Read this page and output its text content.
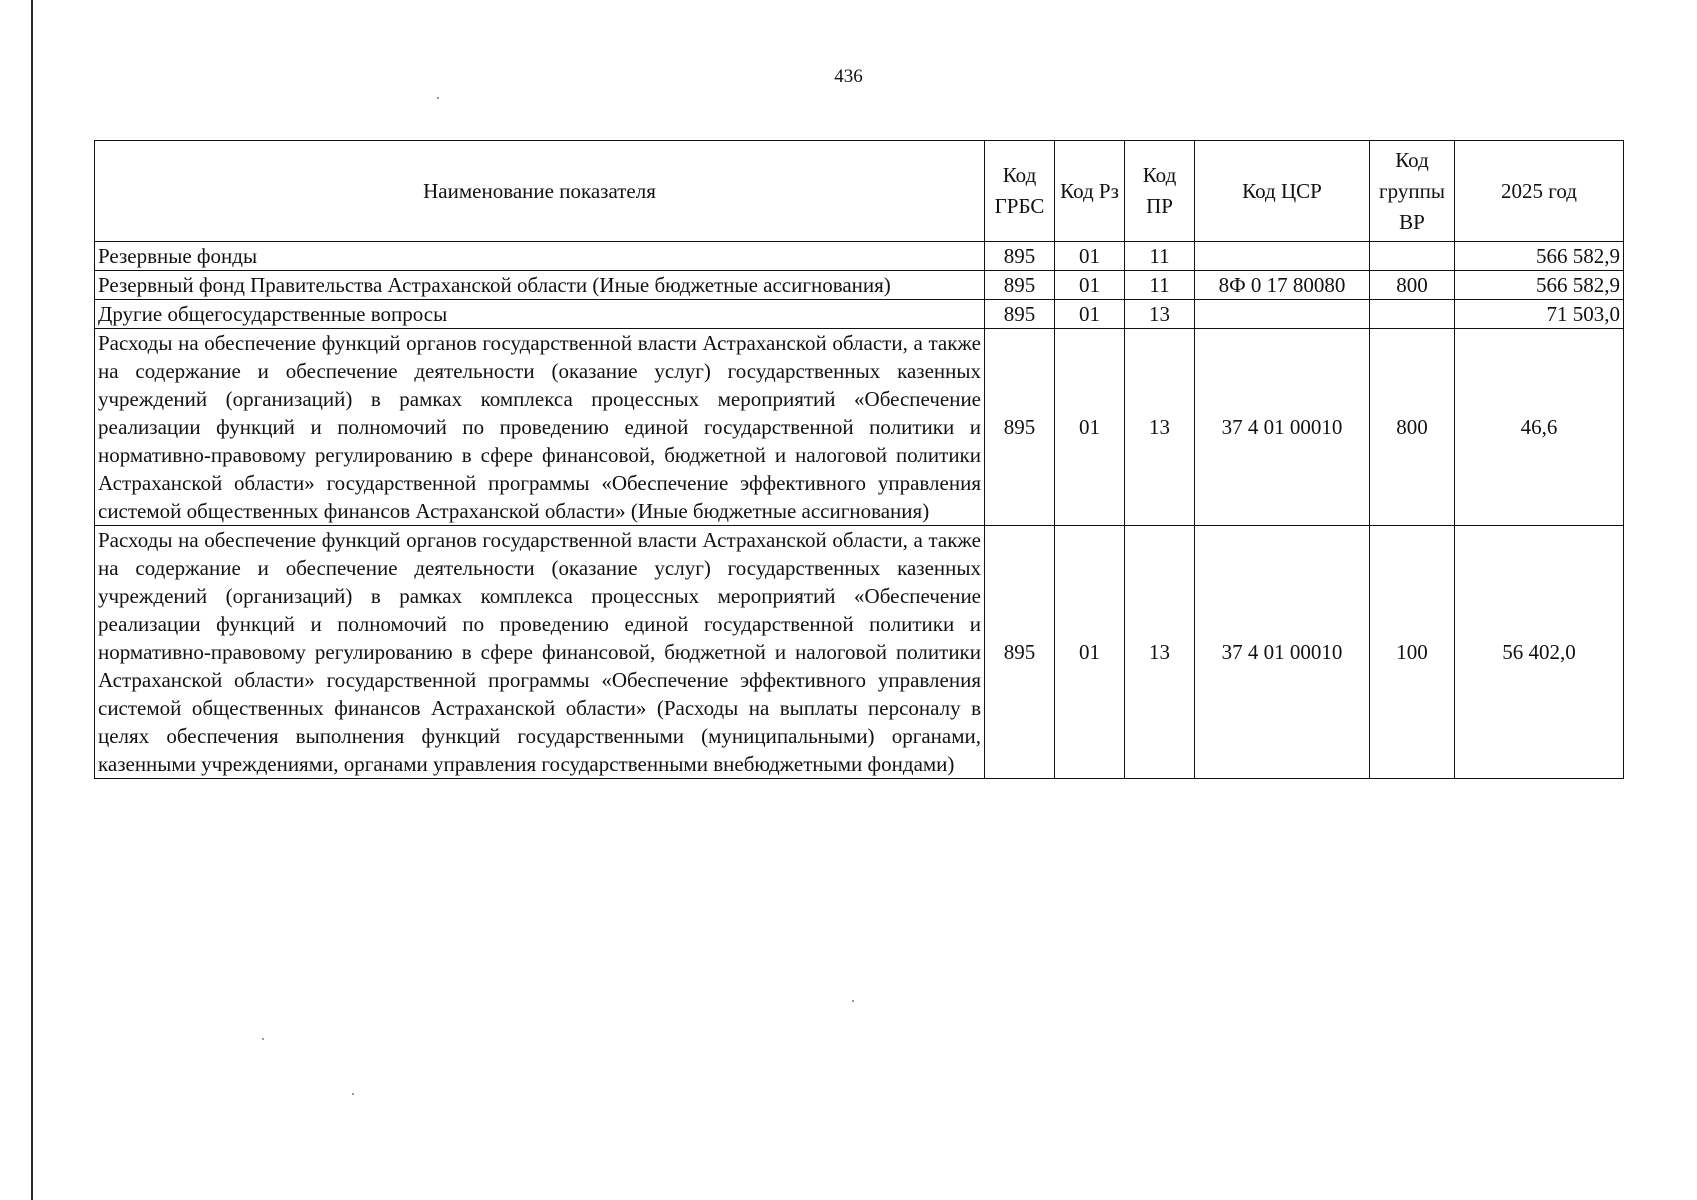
436
Наименование показателя	Код ГРБС	Код Рз	Код ПР	Код ЦСР	Код группы ВР	2025 год
Резервные фонды	895	01	11			566 582,9
Резервный фонд Правительства Астраханской области (Иные бюджетные ассигнования)	895	01	11	8Ф 0 17 80080	800	566 582,9
Другие общегосударственные вопросы	895	01	13			71 503,0
Расходы на обеспечение функций органов государственной власти Астраханской области, а также на содержание и обеспечение деятельности (оказание услуг) государственных казенных учреждений (организаций) в рамках комплекса процессных мероприятий «Обеспечение реализации функций и полномочий по проведению единой государственной политики и нормативно-правовому регулированию в сфере финансовой, бюджетной и налоговой политики Астраханской области» государственной программы «Обеспечение эффективного управления системой общественных финансов Астраханской области» (Иные бюджетные ассигнования)	895	01	13	37 4 01 00010	800	46,6
Расходы на обеспечение функций органов государственной власти Астраханской области, а также на содержание и обеспечение деятельности (оказание услуг) государственных казенных учреждений (организаций) в рамках комплекса процессных мероприятий «Обеспечение реализации функций и полномочий по проведению единой государственной политики и нормативно-правовому регулированию в сфере финансовой, бюджетной и налоговой политики Астраханской области» государственной программы «Обеспечение эффективного управления системой общественных финансов Астраханской области» (Расходы на выплаты персоналу в целях обеспечения выполнения функций государственными (муниципальными) органами, казенными учреждениями, органами управления государственными внебюджетными фондами)	895	01	13	37 4 01 00010	100	56 402,0
